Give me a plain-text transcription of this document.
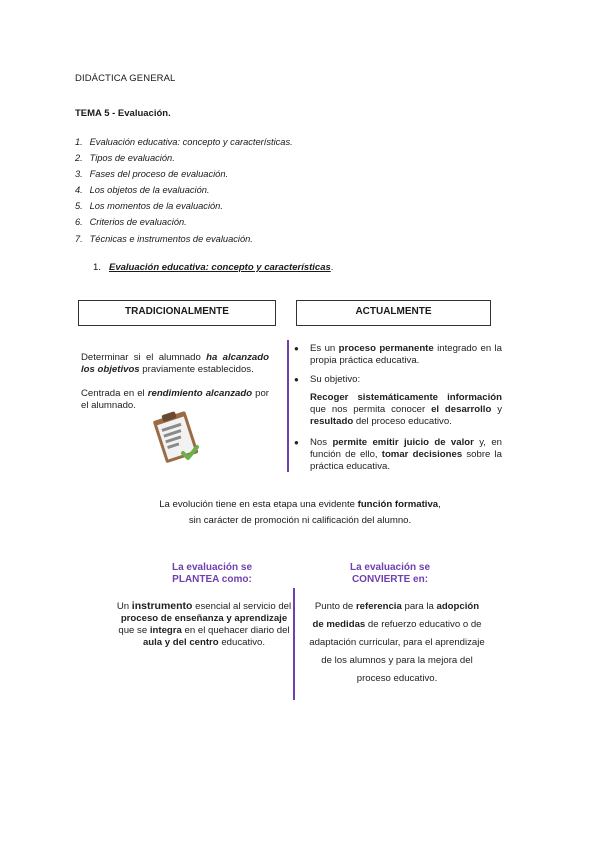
DIDÁCTICA GENERAL
TEMA 5 - Evaluación.
1. Evaluación educativa: concepto y características.
2. Tipos de evaluación.
3. Fases del proceso de evaluación.
4. Los objetos de la evaluación.
5. Los momentos de la evaluación.
6. Criterios de evaluación.
7. Técnicas e instrumentos de evaluación.
1. Evaluación educativa: concepto y características.
TRADICIONALMENTE	ACTUALMENTE
Determinar si el alumnado ha alcanzado los objetivos praviamente establecidos.
Centrada en el rendimiento alcanzado por el alumnado.
● Es un proceso permanente integrado en la propia práctica educativa.
● Su objetivo:
Recoger sistemáticamente información que nos permita conocer el desarrollo y resultado del proceso educativo.
● Nos permite emitir juicio de valor y, en función de ello, tomar decisiones sobre la práctica educativa.
La evolución tiene en esta etapa una evidente función formativa,
sin carácter de promoción ni calificación del alumno.
La evaluación se
PLANTEA como:
La evaluación se
CONVIERTE en:
Un instrumento esencial al servicio del proceso de enseñanza y aprendizaje que se integra en el quehacer diario del aula y del centro educativo.
Punto de referencia para la adopción de medidas de refuerzo educativo o de adaptación curricular, para el aprendizaje de los alumnos y para la mejora del proceso educativo.
